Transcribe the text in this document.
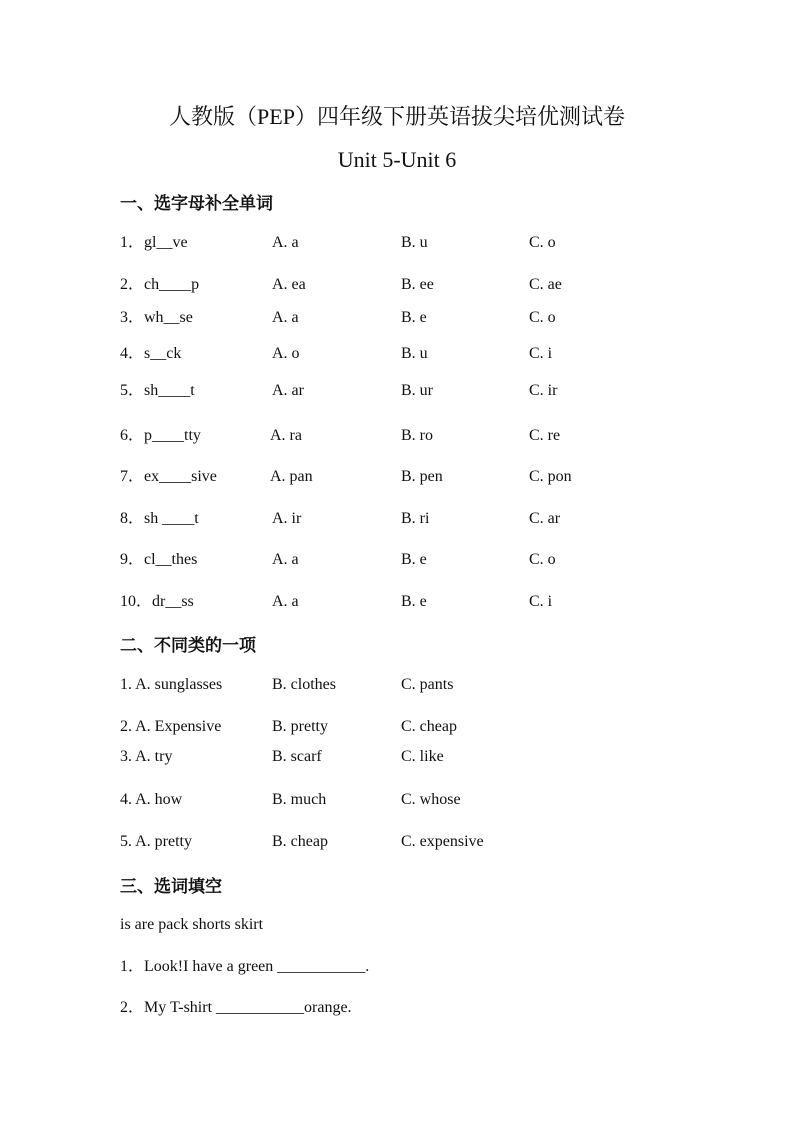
人教版（PEP）四年级下册英语拔尖培优测试卷
Unit 5-Unit 6
一、选字母补全单词
1．gl__ve	A. a	B. u	C. o
2．ch____p	A. ea	B. ee	C. ae
3．wh__se	A. a	B. e	C. o
4．s__ck	A. o	B. u	C. i
5．sh____t	A. ar	B. ur	C. ir
6．p____tty	A. ra	B. ro	C. re
7．ex____sive	A. pan	B. pen	C. pon
8．sh ____t	A. ir	B. ri	C. ar
9．cl__thes	A. a	B. e	C. o
10．dr__ss	A. a	B. e	C. i
二、不同类的一项
1. A. sunglasses	B. clothes	C. pants
2. A. Expensive	B. pretty	C. cheap
3. A. try	B. scarf	C. like
4. A. how	B. much	C. whose
5. A. pretty	B. cheap	C. expensive
三、选词填空
is are pack shorts skirt
1．Look!I have a green ___________.
2．My T-shirt ___________orange.
